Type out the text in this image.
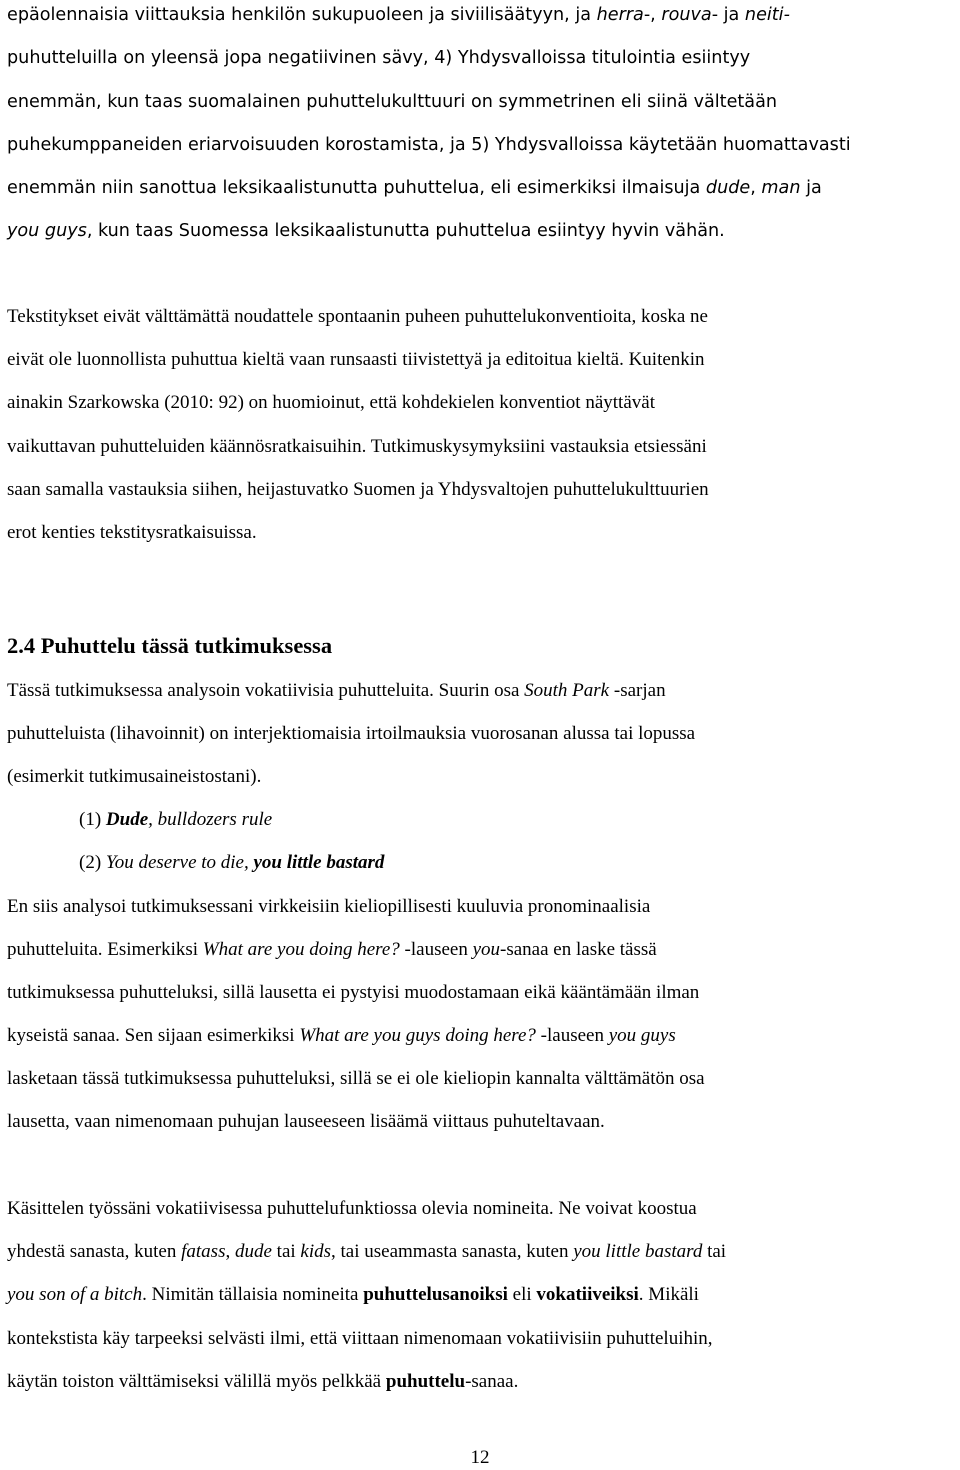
epäolennaisia viittauksia henkilön sukupuoleen ja siviilisäätyyn, ja herra-, rouva- ja neiti-
puhutteluilla on yleensä jopa negatiivinen sävy, 4) Yhdysvalloissa titulointia esiintyy
enemmän, kun taas suomalainen puhuttelukulttuuri on symmetrinen eli siinä vältetään
puhekumppaneiden eriarvoisuuden korostamista, ja 5) Yhdysvalloissa käytetään huomattavasti
enemmän niin sanottua leksikaalistunutta puhuttelua, eli esimerkiksi ilmaisuja dude, man ja
you guys, kun taas Suomessa leksikaalistunutta puhuttelua esiintyy hyvin vähän.
Tekstitykset eivät välttämättä noudattele spontaanin puheen puhuttelukonventioita, koska ne
eivät ole luonnollista puhuttua kieltä vaan runsaasti tiivistettyä ja editoitua kieltä. Kuitenkin
ainakin Szarkowska (2010: 92) on huomioinut, että kohdekielen konventiot näyttävät
vaikuttavan puhutteluiden käännösratkaisuihin. Tutkimuskysymyksiini vastauksia etsiessäni
saan samalla vastauksia siihen, heijastuvatko Suomen ja Yhdysvaltojen puhuttelukulttuurien
erot kenties tekstitysratkaisuissa.
2.4 Puhuttelu tässä tutkimuksessa
Tässä tutkimuksessa analysoin vokatiivisia puhutteluita. Suurin osa South Park -sarjan
puhutteluista (lihavoinnit) on interjektiomaisia irtoilmauksia vuorosanan alussa tai lopussa
(esimerkit tutkimusaineistostani).
(1) Dude, bulldozers rule
(2) You deserve to die, you little bastard
En siis analysoi tutkimuksessani virkkeisiin kieliopillisesti kuuluvia pronominaalisia
puhutteluita. Esimerkiksi What are you doing here? -lauseen you-sanaa en laske tässä
tutkimuksessa puhutteluksi, sillä lausetta ei pystyisi muodostamaan eikä kääntämään ilman
kyseistä sanaa. Sen sijaan esimerkiksi What are you guys doing here? -lauseen you guys
lasketaan tässä tutkimuksessa puhutteluksi, sillä se ei ole kieliopin kannalta välttämätön osa
lausetta, vaan nimenomaan puhujan lauseeseen lisäämä viittaus puhuteltavaan.
Käsittelen työssäni vokatiivisessa puhuttelufunktiossa olevia nomineita. Ne voivat koostua
yhdestä sanasta, kuten fatass, dude tai kids, tai useammasta sanasta, kuten you little bastard tai
you son of a bitch. Nimitän tällaisia nomineita puhuttelusanoiksi eli vokatiiveiksi. Mikäli
kontekstista käy tarpeeksi selvästi ilmi, että viittaan nimenomaan vokatiivisiin puhutteluihin,
käytän toiston välttämiseksi välillä myös pelkkää puhuttelu-sanaa.
12
